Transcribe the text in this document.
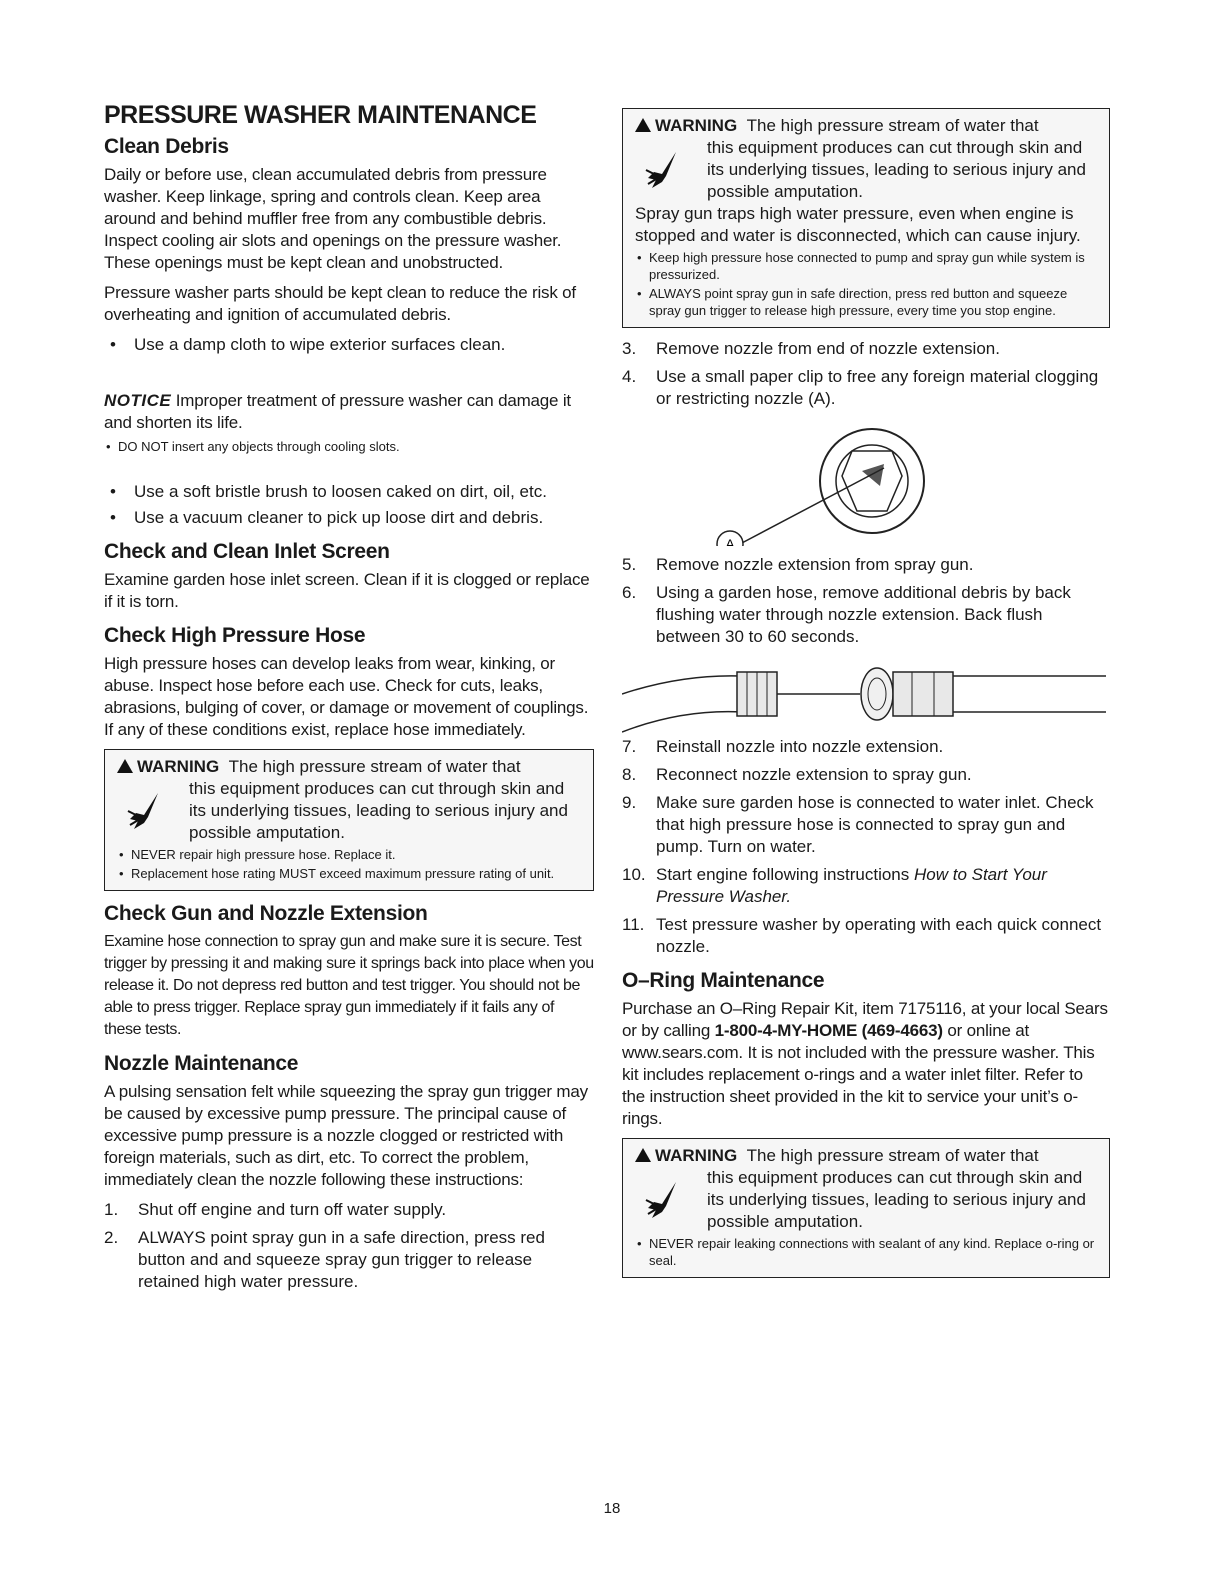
PRESSURE WASHER MAINTENANCE
Clean Debris

Daily or before use, clean accumulated debris from pressure washer. Keep linkage, spring and controls clean. Keep area around and behind muffler free from any combustible debris. Inspect cooling air slots and openings on the pressure washer. These openings must be kept clean and unobstructed.

Pressure washer parts should be kept clean to reduce the risk of overheating and ignition of accumulated debris.

• Use a damp cloth to wipe exterior surfaces clean.

NOTICE Improper treatment of pressure washer can damage it and shorten its life.

• DO NOT insert any objects through cooling slots.
• Use a soft bristle brush to loosen caked on dirt, oil, etc.
• Use a vacuum cleaner to pick up loose dirt and debris.
Check and Clean Inlet Screen

Examine garden hose inlet screen. Clean if it is clogged or replace if it is torn.

Check High Pressure Hose

High pressure hoses can develop leaks from wear, kinking, or abuse. Inspect hose before each use. Check for cuts, leaks, abrasions, bulging of cover, or damage or movement of couplings. If any of these conditions exist, replace hose immediately.

WARNING The high pressure stream of water that
this equipment produces can cut through skin and its underlying tissues, leading to serious injury and possible amputation.
• NEVER repair high pressure hose. Replace it.
• Replacement hose rating MUST exceed maximum pressure rating of unit.
Check Gun and Nozzle Extension

Examine hose connection to spray gun and make sure it is secure. Test trigger by pressing it and making sure it springs back into place when you release it. Do not depress red button and test trigger. You should not be able to press trigger. Replace spray gun immediately if it fails any of these tests.

Nozzle Maintenance

A pulsing sensation felt while squeezing the spray gun trigger may be caused by excessive pump pressure. The principal cause of excessive pump pressure is a nozzle clogged or restricted with foreign materials, such as dirt, etc. To correct the problem, immediately clean the nozzle following these instructions:

1. Shut off engine and turn off water supply.
2. ALWAYS point spray gun in a safe direction, press red button and and squeeze spray gun trigger to release retained high water pressure.
WARNING The high pressure stream of water that
this equipment produces can cut through skin and its underlying tissues, leading to serious injury and possible amputation.
Spray gun traps high water pressure, even when engine is stopped and water is disconnected, which can cause injury.
• Keep high pressure hose connected to pump and spray gun while system is pressurized.
• ALWAYS point spray gun in safe direction, press red button and squeeze spray gun trigger to release high pressure, every time you stop engine.
3. Remove nozzle from end of nozzle extension.
4. Use a small paper clip to free any foreign material clogging or restricting nozzle (A).
A
5. Remove nozzle extension from spray gun.
6. Using a garden hose, remove additional debris by back flushing water through nozzle extension. Back flush between 30 to 60 seconds.
7. Reinstall nozzle into nozzle extension.
8. Reconnect nozzle extension to spray gun.
9. Make sure garden hose is connected to water inlet. Check that high pressure hose is connected to spray gun and pump. Turn on water.
10. Start engine following instructions How to Start Your Pressure Washer.
11. Test pressure washer by operating with each quick connect nozzle.
O–Ring Maintenance

Purchase an O–Ring Repair Kit, item 7175116, at your local Sears or by calling 1-800-4-MY-HOME (469-4663) or online at www.sears.com. It is not included with the pressure washer. This kit includes replacement o-rings and a water inlet filter. Refer to the instruction sheet provided in the kit to service your unit’s o-rings.

WARNING The high pressure stream of water that
this equipment produces can cut through skin and its underlying tissues, leading to serious injury and possible amputation.
• NEVER repair leaking connections with sealant of any kind. Replace o-ring or seal.
18
